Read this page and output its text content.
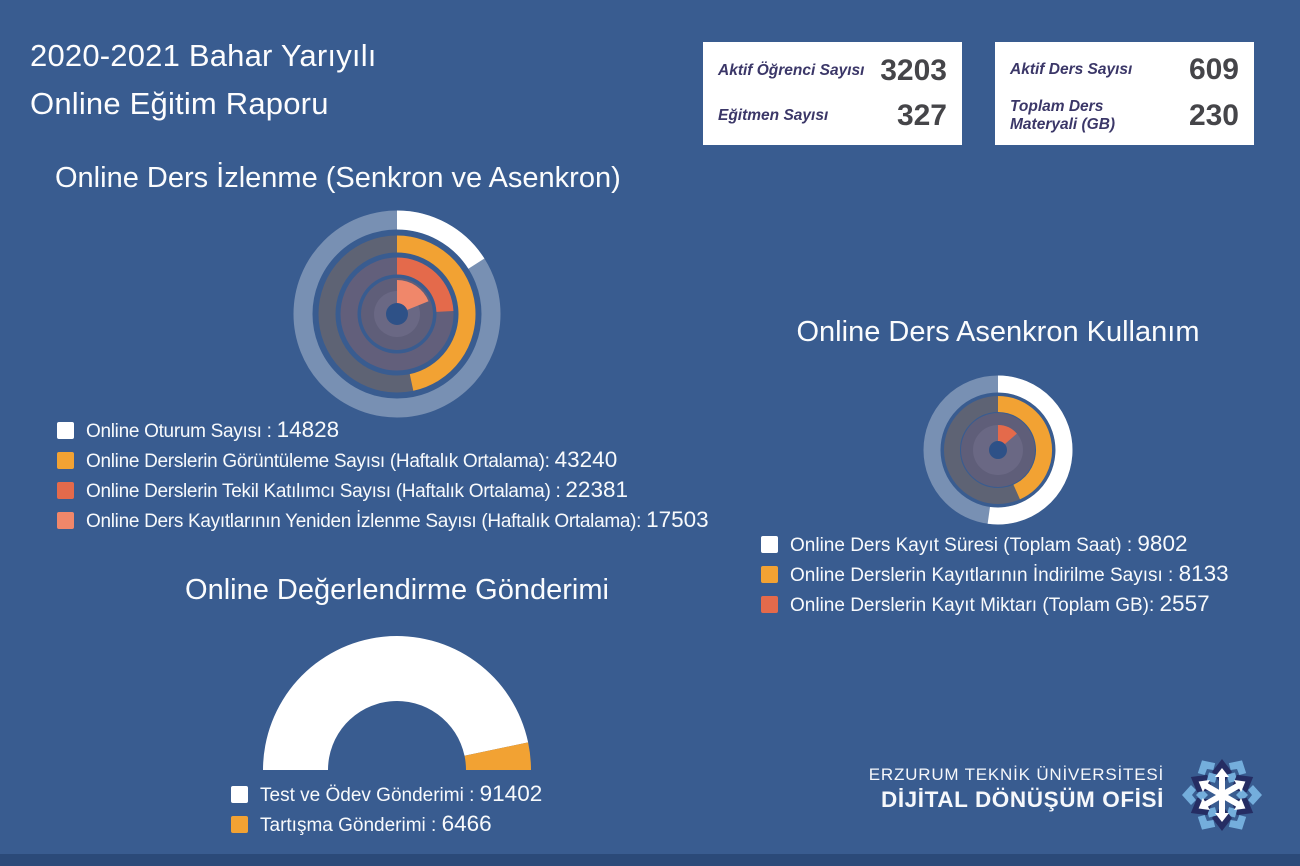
2020-2021 Bahar Yarıyılı
Online Eğitim Raporu
Aktif Öğrenci Sayısı 3203
Eğitmen Sayısı 327
Aktif Ders Sayısı 609
Toplam Ders Materyali (GB)	230
Online Ders İzlenme (Senkron ve Asenkron)
Online Oturum Sayısı : 14828
Online Derslerin Görüntüleme Sayısı (Haftalık Ortalama): 43240
Online Derslerin Tekil Katılımcı Sayısı (Haftalık Ortalama) : 22381
Online Ders Kayıtlarının Yeniden İzlenme Sayısı (Haftalık Ortalama): 17503
Online Ders Asenkron Kullanım
Online Ders Kayıt Süresi (Toplam Saat) : 9802
Online Derslerin Kayıtlarının İndirilme Sayısı : 8133
Online Derslerin Kayıt Miktarı (Toplam GB): 2557
Online Değerlendirme Gönderimi
Test ve Ödev Gönderimi : 91402
Tartışma Gönderimi : 6466
ERZURUM TEKNİK ÜNİVERSİTESİ
DİJİTAL DÖNÜŞÜM OFİSİ
